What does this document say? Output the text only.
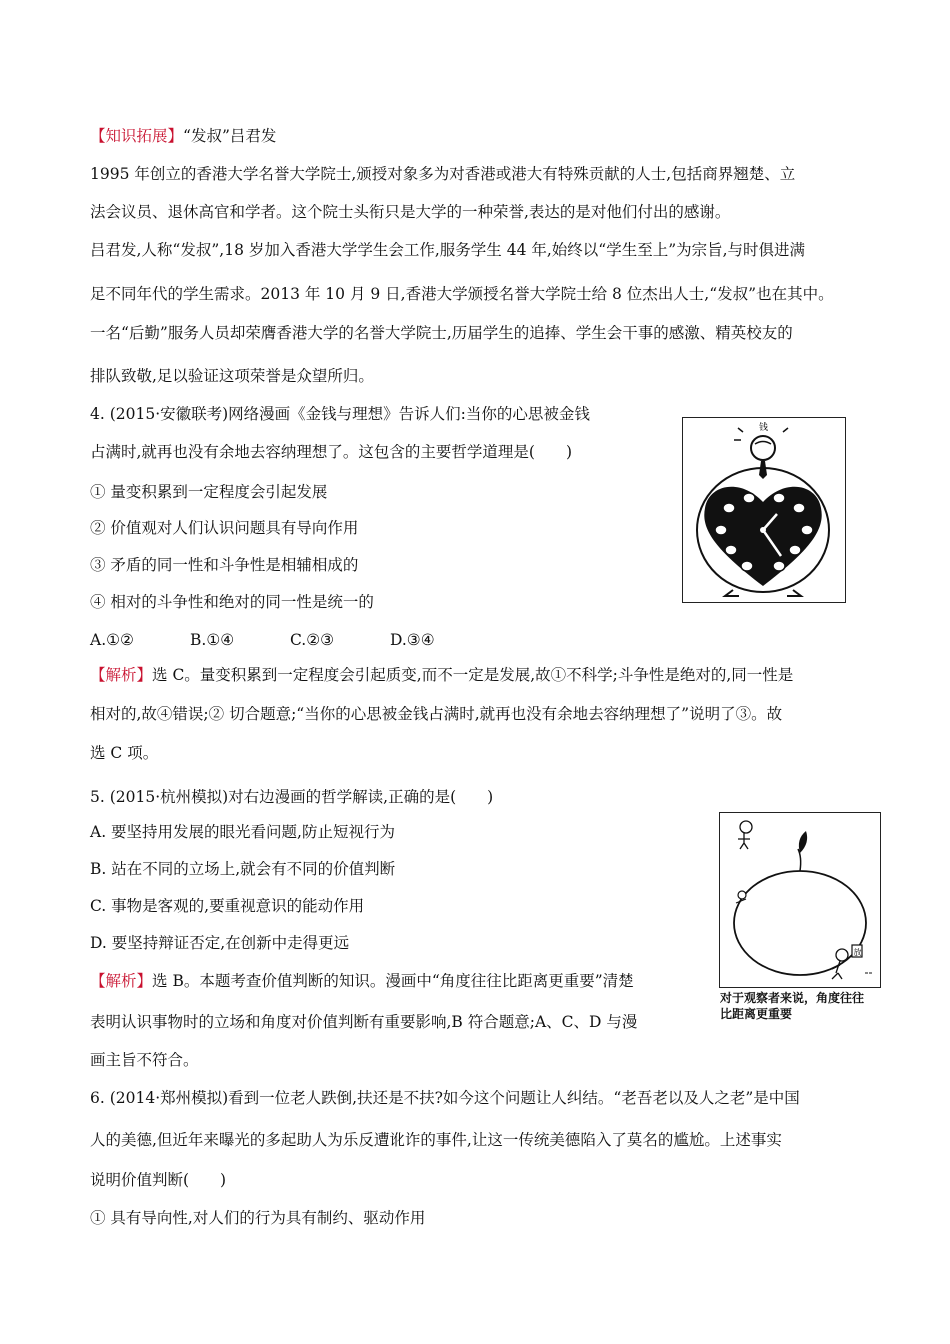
【知识拓展】“发叔”吕君发
1995 年创立的香港大学名誉大学院士,颁授对象多为对香港或港大有特殊贡献的人士,包括商界翘楚、立
法会议员、退休高官和学者。这个院士头衔只是大学的一种荣誉,表达的是对他们付出的感谢。
吕君发,人称“发叔”,18 岁加入香港大学学生会工作,服务学生 44 年,始终以“学生至上”为宗旨,与时俱进满
足不同年代的学生需求。2013 年 10 月 9 日,香港大学颁授名誉大学院士给 8 位杰出人士,“发叔”也在其中。
一名“后勤”服务人员却荣膺香港大学的名誉大学院士,历届学生的追捧、学生会干事的感激、精英校友的
排队致敬,足以验证这项荣誉是众望所归。
4. (2015·安徽联考)网络漫画《金钱与理想》告诉人们:当你的心思被金钱
占满时,就再也没有余地去容纳理想了。这包含的主要哲学道理是(　　)
① 量变积累到一定程度会引起发展
② 价值观对人们认识问题具有导向作用
③ 矛盾的同一性和斗争性是相辅相成的
④ 相对的斗争性和绝对的同一性是统一的
A.①②	B.①④	C.②③	D.③④
【解析】选 C。量变积累到一定程度会引起质变,而不一定是发展,故①不科学;斗争性是绝对的,同一性是
相对的,故④错误;② 切合题意;“当你的心思被金钱占满时,就再也没有余地去容纳理想了”说明了③。故
选 C 项。
钱
5. (2015·杭州模拟)对右边漫画的哲学解读,正确的是(　　)
A. 要坚持用发展的眼光看问题,防止短视行为
B. 站在不同的立场上,就会有不同的价值判断
C. 事物是客观的,要重视意识的能动作用
D. 要坚持辩证否定,在创新中走得更远
【解析】选 B。本题考查价值判断的知识。漫画中“角度往往比距离更重要”清楚
表明认识事物时的立场和角度对价值判断有重要影响,B 符合题意;A、C、D 与漫
画主旨不符合。
放
对于观察者来说，角度往往
比距离更重要
6. (2014·郑州模拟)看到一位老人跌倒,扶还是不扶?如今这个问题让人纠结。“老吾老以及人之老”是中国
人的美德,但近年来曝光的多起助人为乐反遭讹诈的事件,让这一传统美德陷入了莫名的尴尬。上述事实
说明价值判断(　　)
① 具有导向性,对人们的行为具有制约、驱动作用
